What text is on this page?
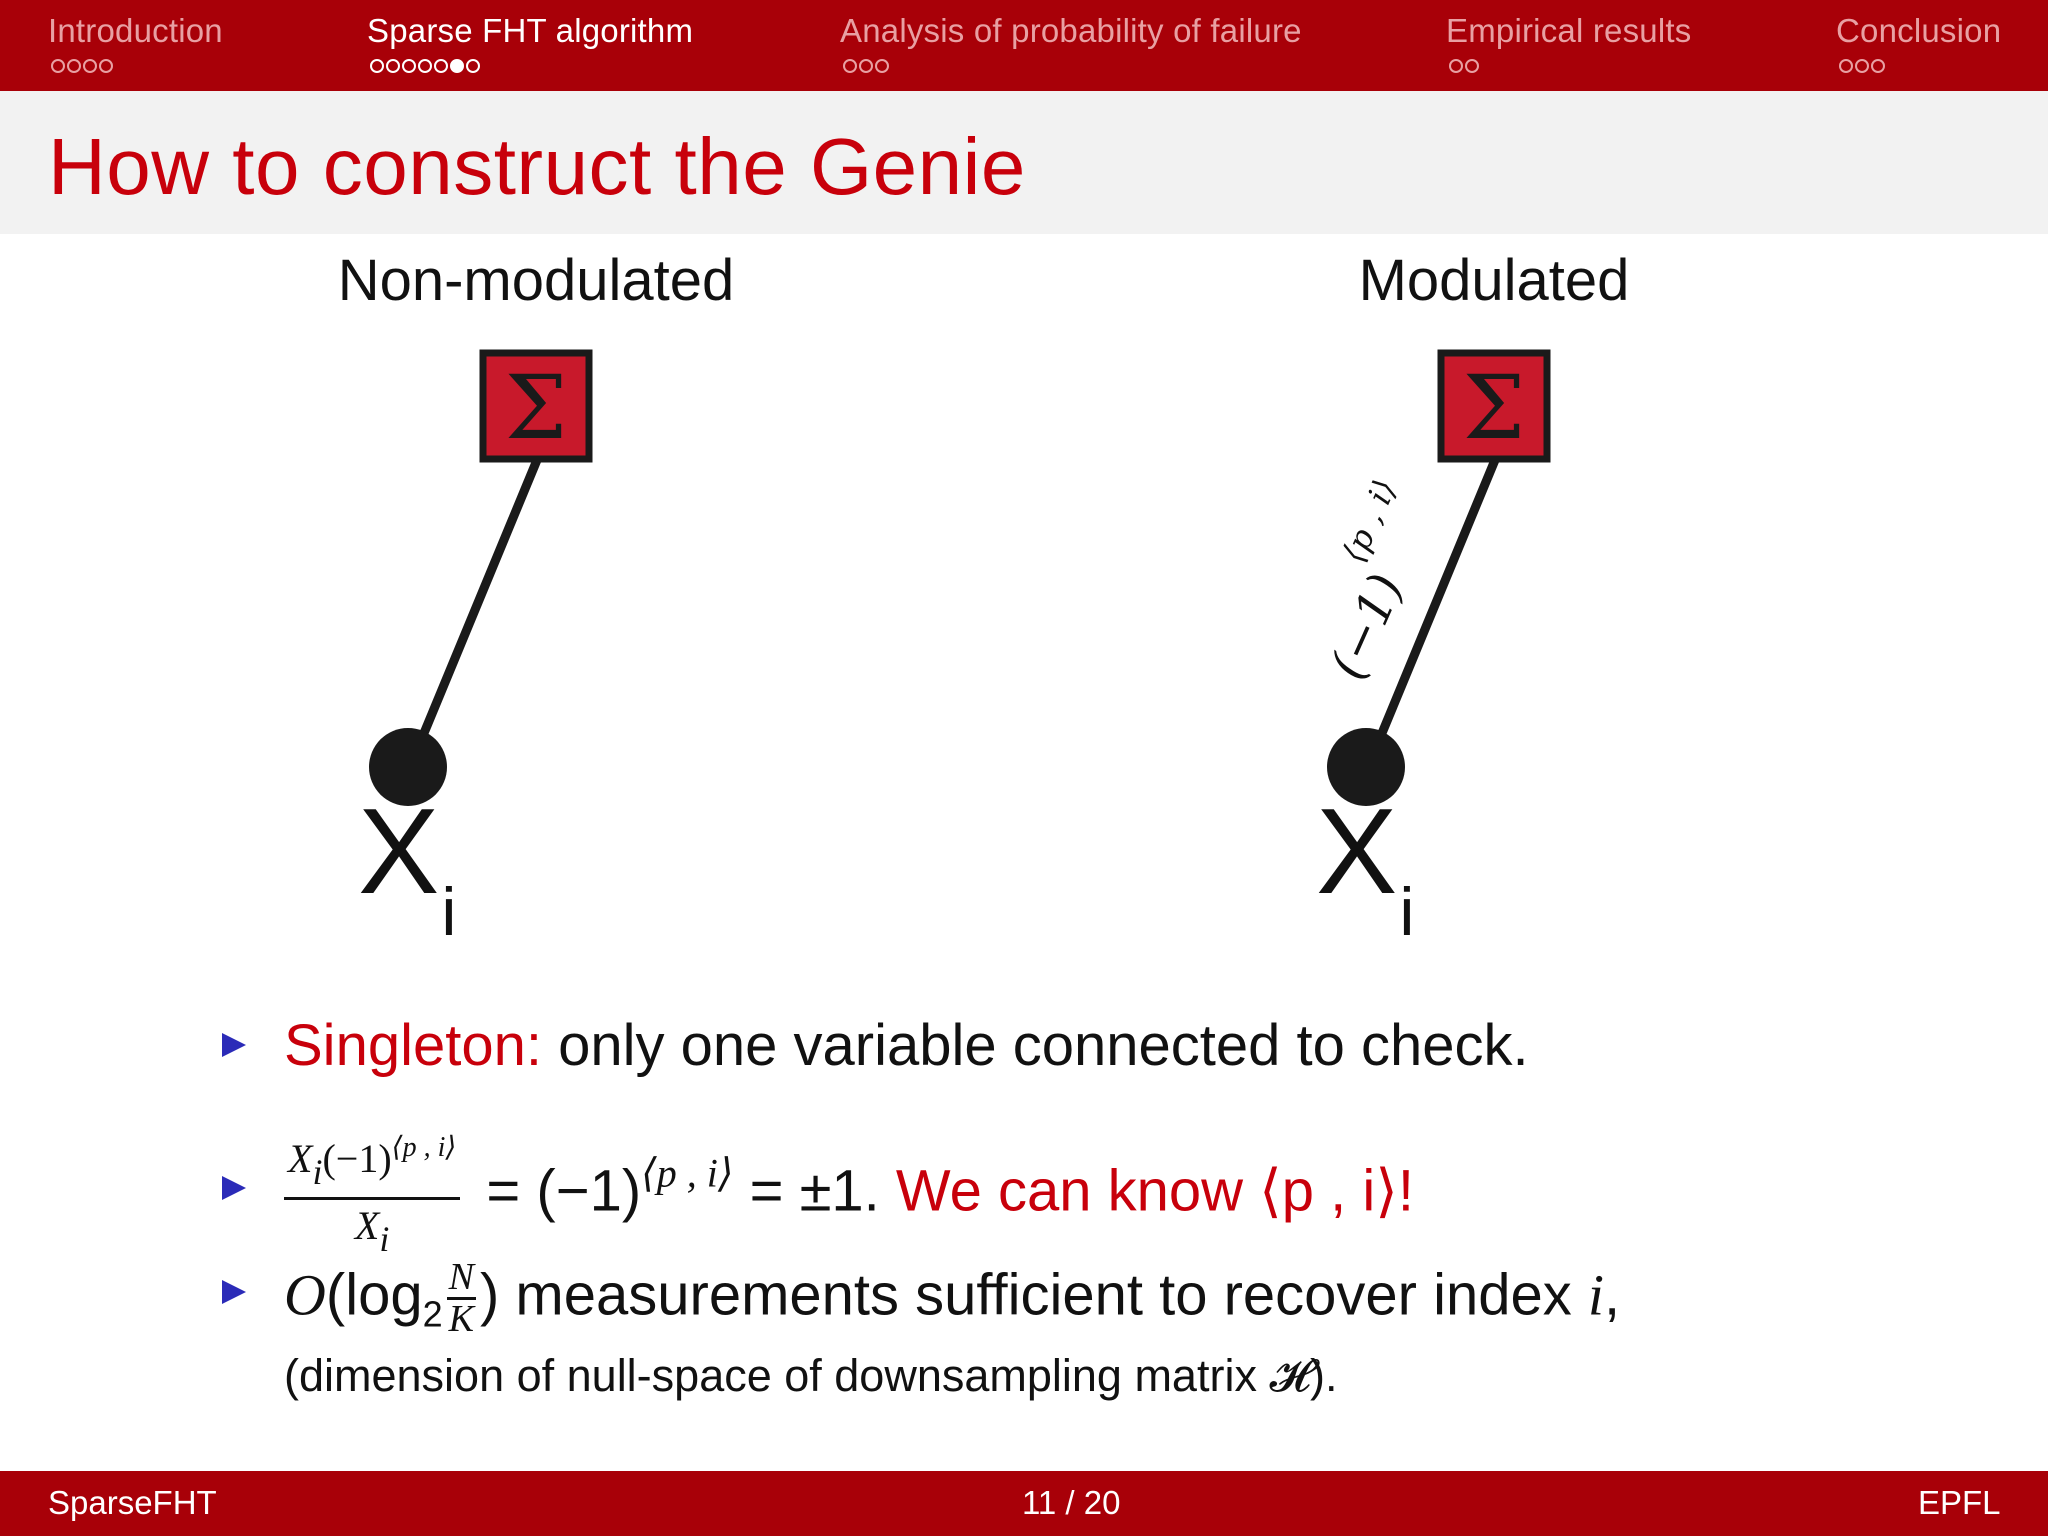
Introduction	Sparse FHT algorithm	Analysis of probability of failure	Empirical results	Conclusion
How to construct the Genie
Σ	Σ
Non-modulated	Modulated
$X_i$	$X_i$
$(-1)^{⟨p , i⟩}$
Singleton: only one variable connected to check.
$\frac{Xi(-1)^{⟨p , i⟩}}{Xi} = (-1)^{⟨p , i⟩} = \pm 1$. We can know ⟨p , i⟩!
$O(\log_2 \frac{N}{K}$ ) measurements sufficient to recover index i,
(dimension of null-space of downsampling matrix 𝓗).
SparseFHT	11 / 20	EPFL
